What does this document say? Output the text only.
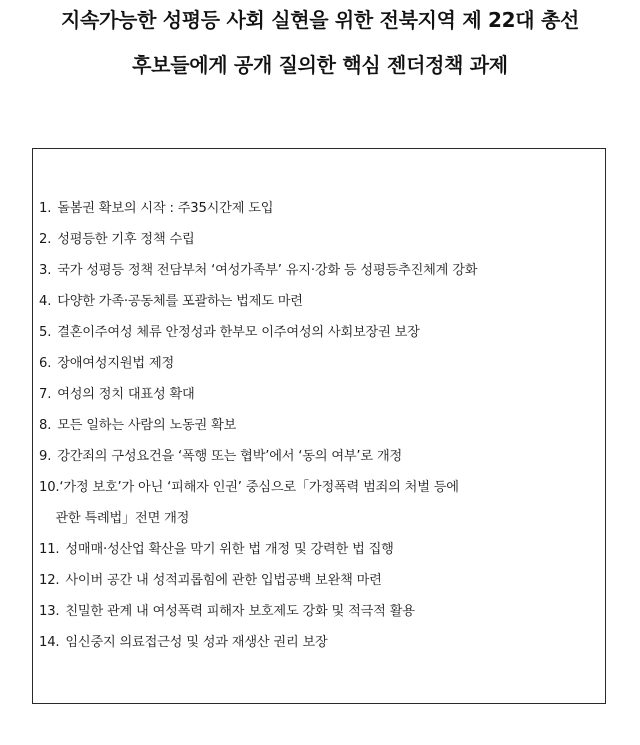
지속가능한 성평등 사회 실현을 위한 전북지역 제 22대 총선
후보들에게 공개 질의한 핵심 젠더정책 과제
1. 돌봄권 확보의 시작 : 주35시간제 도입
2. 성평등한 기후 정책 수립
3. 국가 성평등 정책 전담부처 ‘여성가족부’ 유지·강화 등 성평등추진체계 강화
4. 다양한 가족·공동체를 포괄하는 법제도 마련
5. 결혼이주여성 체류 안정성과 한부모 이주여성의 사회보장권 보장
6. 장애여성지원법 제정
7. 여성의 정치 대표성 확대
8. 모든 일하는 사람의 노동권 확보
9. 강간죄의 구성요건을 ‘폭행 또는 협박’에서 ‘동의 여부’로 개정
10. ‘가정 보호’가 아닌 ‘피해자 인권’ 중심으로「가정폭력 범죄의 처벌 등에
관한 특례법」전면 개정
11. 성매매·성산업 확산을 막기 위한 법 개정 및 강력한 법 집행
12. 사이버 공간 내 성적괴롭힘에 관한 입법공백 보완책 마련
13. 친밀한 관계 내 여성폭력 피해자 보호제도 강화 및 적극적 활용
14. 임신중지 의료접근성 및 성과 재생산 권리 보장
